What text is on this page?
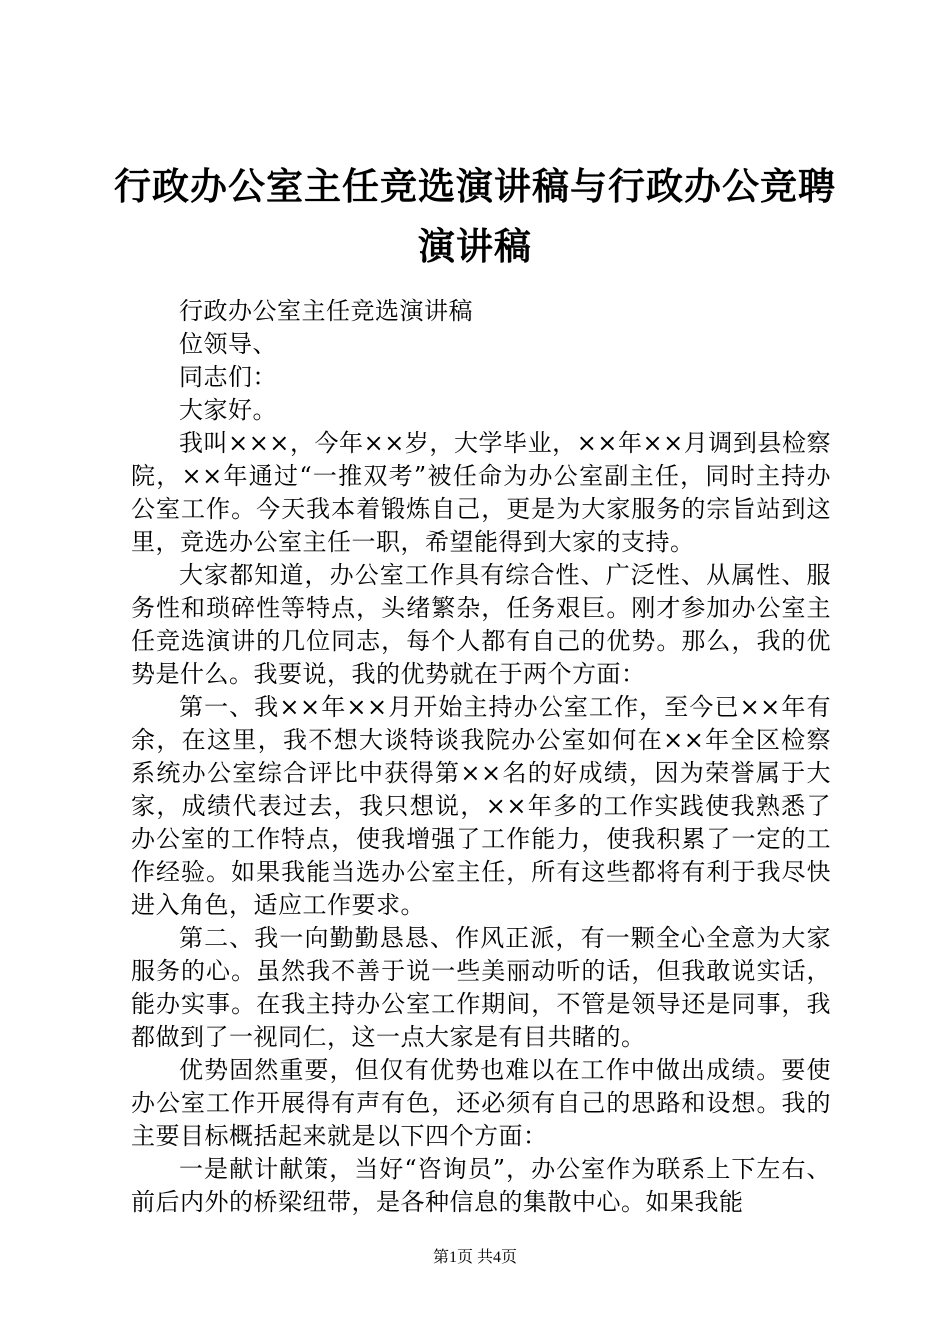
行政办公室主任竞选演讲稿与行政办公竞聘演讲稿

行政办公室主任竞选演讲稿

位领导、

同志们：

大家好。

我叫×××，今年××岁，大学毕业，××年××月调到县检察院，××年通过“一推双考”被任命为办公室副主任，同时主持办公室工作。今天我本着锻炼自己，更是为大家服务的宗旨站到这里，竞选办公室主任一职，希望能得到大家的支持。

大家都知道，办公室工作具有综合性、广泛性、从属性、服务性和琐碎性等特点，头绪繁杂，任务艰巨。刚才参加办公室主任竞选演讲的几位同志，每个人都有自己的优势。那么，我的优势是什么。我要说，我的优势就在于两个方面：

第一、我××年××月开始主持办公室工作，至今已××年有余，在这里，我不想大谈特谈我院办公室如何在××年全区检察系统办公室综合评比中获得第××名的好成绩，因为荣誉属于大家，成绩代表过去，我只想说，××年多的工作实践使我熟悉了办公室的工作特点，使我增强了工作能力，使我积累了一定的工作经验。如果我能当选办公室主任，所有这些都将有利于我尽快进入角色，适应工作要求。

第二、我一向勤勤恳恳、作风正派，有一颗全心全意为大家服务的心。虽然我不善于说一些美丽动听的话，但我敢说实话，能办实事。在我主持办公室工作期间，不管是领导还是同事，我都做到了一视同仁，这一点大家是有目共睹的。

优势固然重要，但仅有优势也难以在工作中做出成绩。要使办公室工作开展得有声有色，还必须有自己的思路和设想。我的主要目标概括起来就是以下四个方面：

一是献计献策，当好“咨询员”，办公室作为联系上下左右、前后内外的桥梁纽带，是各种信息的集散中心。如果我能

第1页 共4页
